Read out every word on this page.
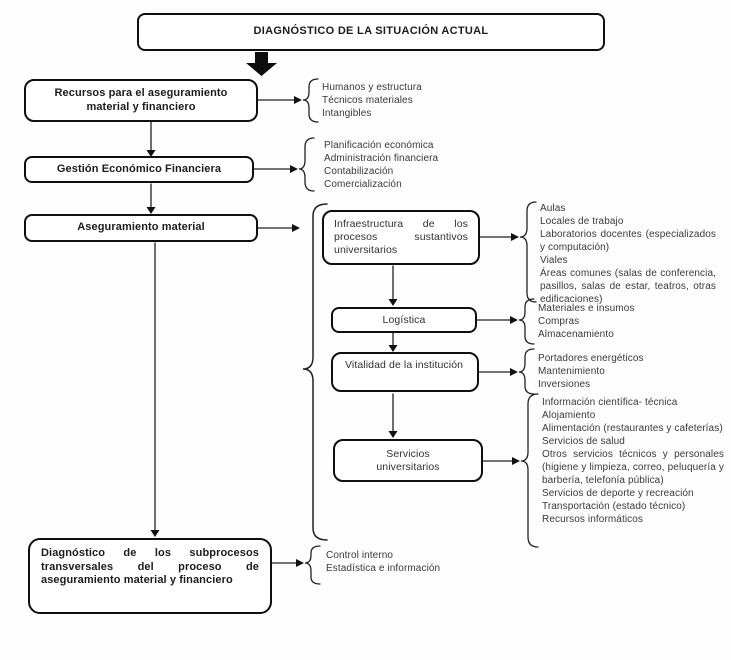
DIAGNÓSTICO DE LA SITUACIÓN ACTUAL
Recursos para el aseguramiento material y financiero
Gestión Económico Financiera
Aseguramiento material
Diagnóstico de los subprocesos transversales del proceso de aseguramiento material y financiero
Infraestructura de los procesos sustantivos universitarios
Logística
Vitalidad de la institución
Servicios universitarios
Humanos y estructura
Técnicos materiales
Intangibles
Planificación económica
Administración financiera
Contabilización
Comercialización
Aulas
Locales de trabajo
Laboratorios docentes (especializados y computación)
Viales
Áreas comunes (salas de conferencia, pasillos, salas de estar, teatros, otras edificaciones)
Materiales e insumos
Compras
Almacenamiento
Portadores energéticos
Mantenimiento
Inversiones
Información científica- técnica
Alojamiento
Alimentación (restaurantes y cafeterías)
Servicios de salud
Otros servicios técnicos y personales (higiene y limpieza, correo, peluquería y barbería, telefonía pública)
Servicios de deporte y recreación
Transportación (estado técnico)
Recursos informáticos
Control interno
Estadística e información
